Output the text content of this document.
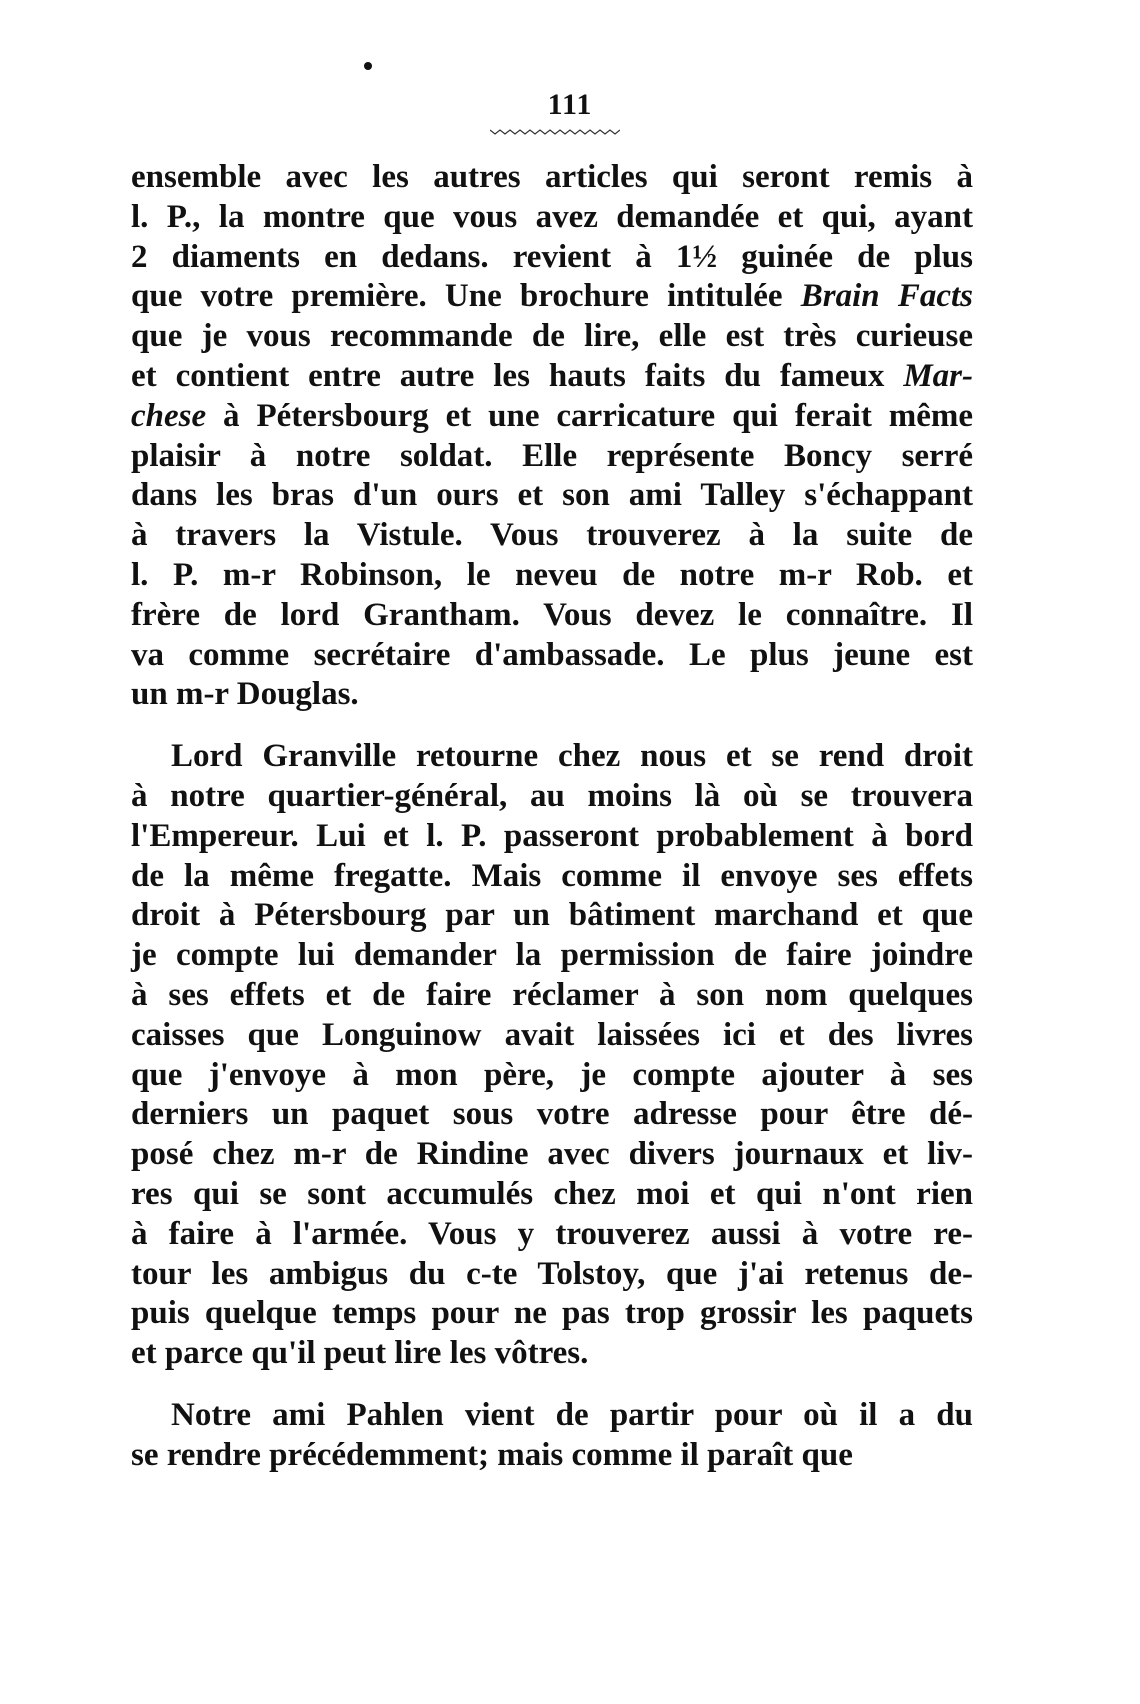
111
ensemble avec les autres articles qui seront remis à
l. P., la montre que vous avez demandée et qui, ayant
2 diaments en dedans. revient à 1½ guinée de plus
que votre première. Une brochure intitulée Brain Facts
que je vous recommande de lire, elle est très curieuse
et contient entre autre les hauts faits du fameux Mar-
chese à Pétersbourg et une carricature qui ferait même
plaisir à notre soldat. Elle représente Boncy serré
dans les bras d'un ours et son ami Talley s'échappant
à travers la Vistule. Vous trouverez à la suite de
l. P. m-r Robinson, le neveu de notre m-r Rob. et
frère de lord Grantham. Vous devez le connaître. Il
va comme secrétaire d'ambassade. Le plus jeune est
un m-r Douglas.
Lord Granville retourne chez nous et se rend droit
à notre quartier-général, au moins là où se trouvera
l'Empereur. Lui et l. P. passeront probablement à bord
de la même fregatte. Mais comme il envoye ses effets
droit à Pétersbourg par un bâtiment marchand et que
je compte lui demander la permission de faire joindre
à ses effets et de faire réclamer à son nom quelques
caisses que Longuinow avait laissées ici et des livres
que j'envoye à mon père, je compte ajouter à ses
derniers un paquet sous votre adresse pour être dé-
posé chez m-r de Rindine avec divers journaux et liv-
res qui se sont accumulés chez moi et qui n'ont rien
à faire à l'armée. Vous y trouverez aussi à votre re-
tour les ambigus du c-te Tolstoy, que j'ai retenus de-
puis quelque temps pour ne pas trop grossir les paquets
et parce qu'il peut lire les vôtres.
Notre ami Pahlen vient de partir pour où il a du
se rendre précédemment; mais comme il paraît que
